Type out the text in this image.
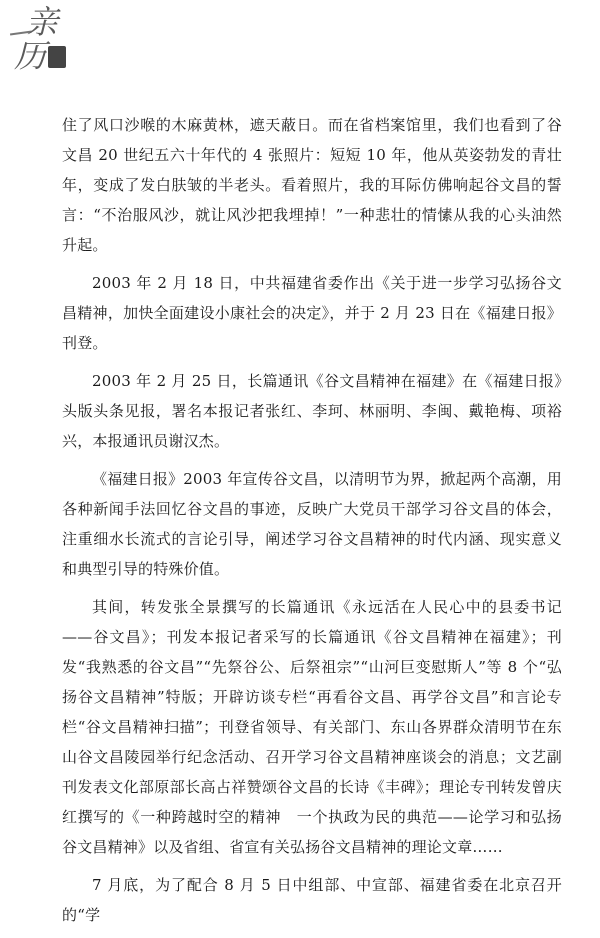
亲
历

住了风口沙喉的木麻黄林，遮天蔽日。而在省档案馆里，我们也看到了谷文昌 20 世纪五六十年代的 4 张照片：短短 10 年，他从英姿勃发的青壮年，变成了发白肤皱的半老头。看着照片，我的耳际仿佛响起谷文昌的誓言：“不治服风沙，就让风沙把我埋掉！”一种悲壮的情愫从我的心头油然升起。

2003 年 2 月 18 日，中共福建省委作出《关于进一步学习弘扬谷文昌精神，加快全面建设小康社会的决定》，并于 2 月 23 日在《福建日报》刊登。

2003 年 2 月 25 日，长篇通讯《谷文昌精神在福建》在《福建日报》头版头条见报，署名本报记者张红、李珂、林丽明、李闽、戴艳梅、项裕兴，本报通讯员谢汉杰。

《福建日报》2003 年宣传谷文昌，以清明节为界，掀起两个高潮，用各种新闻手法回忆谷文昌的事迹，反映广大党员干部学习谷文昌的体会，注重细水长流式的言论引导，阐述学习谷文昌精神的时代内涵、现实意义和典型引导的特殊价值。

其间，转发张全景撰写的长篇通讯《永远活在人民心中的县委书记——谷文昌》；刊发本报记者采写的长篇通讯《谷文昌精神在福建》；刊发“我熟悉的谷文昌”“先祭谷公、后祭祖宗”“山河巨变慰斯人”等 8 个“弘扬谷文昌精神”特版；开辟访谈专栏“再看谷文昌、再学谷文昌”和言论专栏“谷文昌精神扫描”；刊登省领导、有关部门、东山各界群众清明节在东山谷文昌陵园举行纪念活动、召开学习谷文昌精神座谈会的消息；文艺副刊发表文化部原部长高占祥赞颂谷文昌的长诗《丰碑》；理论专刊转发曾庆红撰写的《一种跨越时空的精神　一个执政为民的典范——论学习和弘扬谷文昌精神》以及省组、省宣有关弘扬谷文昌精神的理论文章……

7 月底，为了配合 8 月 5 日中组部、中宣部、福建省委在北京召开的“学
